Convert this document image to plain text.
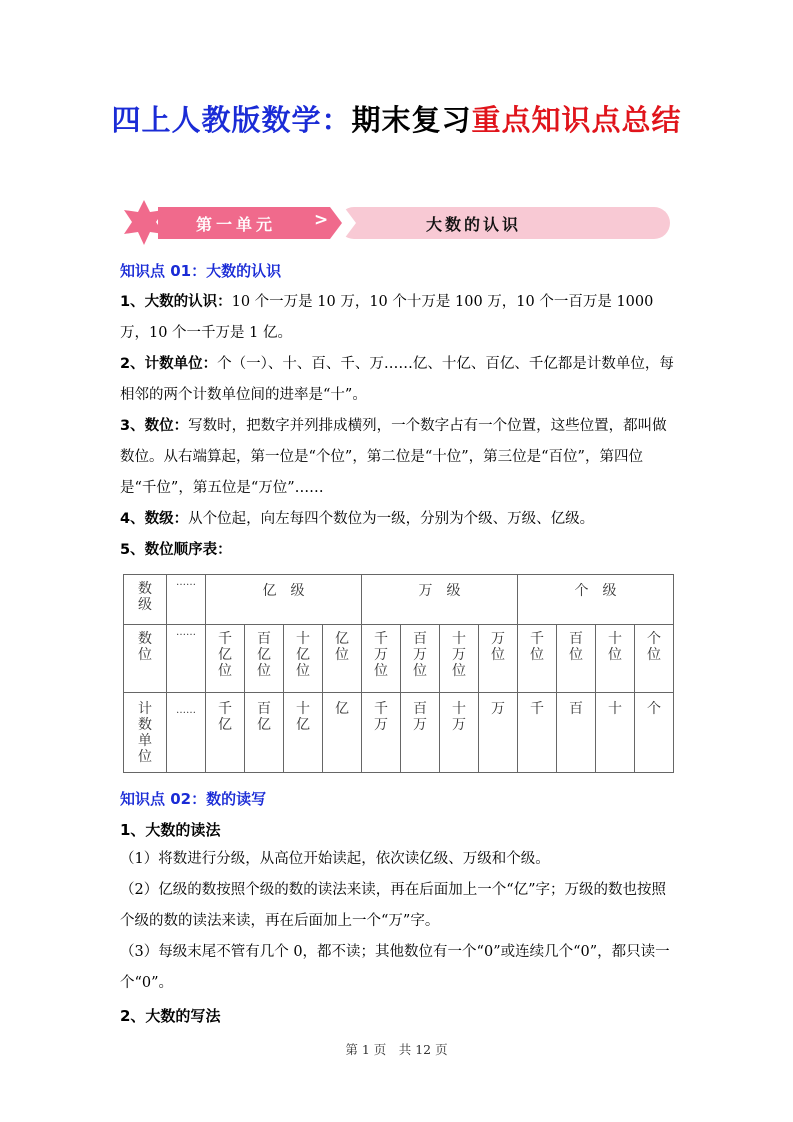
四上人教版数学：期末复习重点知识点总结
第一单元 >	大数的认识
知识点 01：大数的认识
1、大数的认识：10 个一万是 10 万，10 个十万是 100 万，10 个一百万是 1000 万，10 个一千万是 1 亿。
2、计数单位：个（一）、十、百、千、万……亿、十亿、百亿、千亿都是计数单位，每相邻的两个计数单位间的进率是“十”。
3、数位：写数时，把数字并列排成横列，一个数字占有一个位置，这些位置，都叫做数位。从右端算起，第一位是“个位”，第二位是“十位”，第三位是“百位”，第四位是“千位”，第五位是“万位”……
4、数级：从个位起，向左每四个数位为一级，分别为个级、万级、亿级。
5、数位顺序表：
数级	……	亿　级				万　级				个　级			
数位	……	千亿位	百亿位	十亿位	亿位	千万位	百万位	十万位	万位	千位	百位	十位	个位
计数单位	……	千亿	百亿	十亿	亿	千万	百万	十万	万	千	百	十	个
知识点 02：数的读写
1、大数的读法
（1）将数进行分级，从高位开始读起，依次读亿级、万级和个级。
（2）亿级的数按照个级的数的读法来读，再在后面加上一个“亿”字；万级的数也按照个级的数的读法来读，再在后面加上一个“万”字。
（3）每级末尾不管有几个 0，都不读；其他数位有一个“0”或连续几个“0”，都只读一个“0”。
2、大数的写法
第 1 页　共 12 页
